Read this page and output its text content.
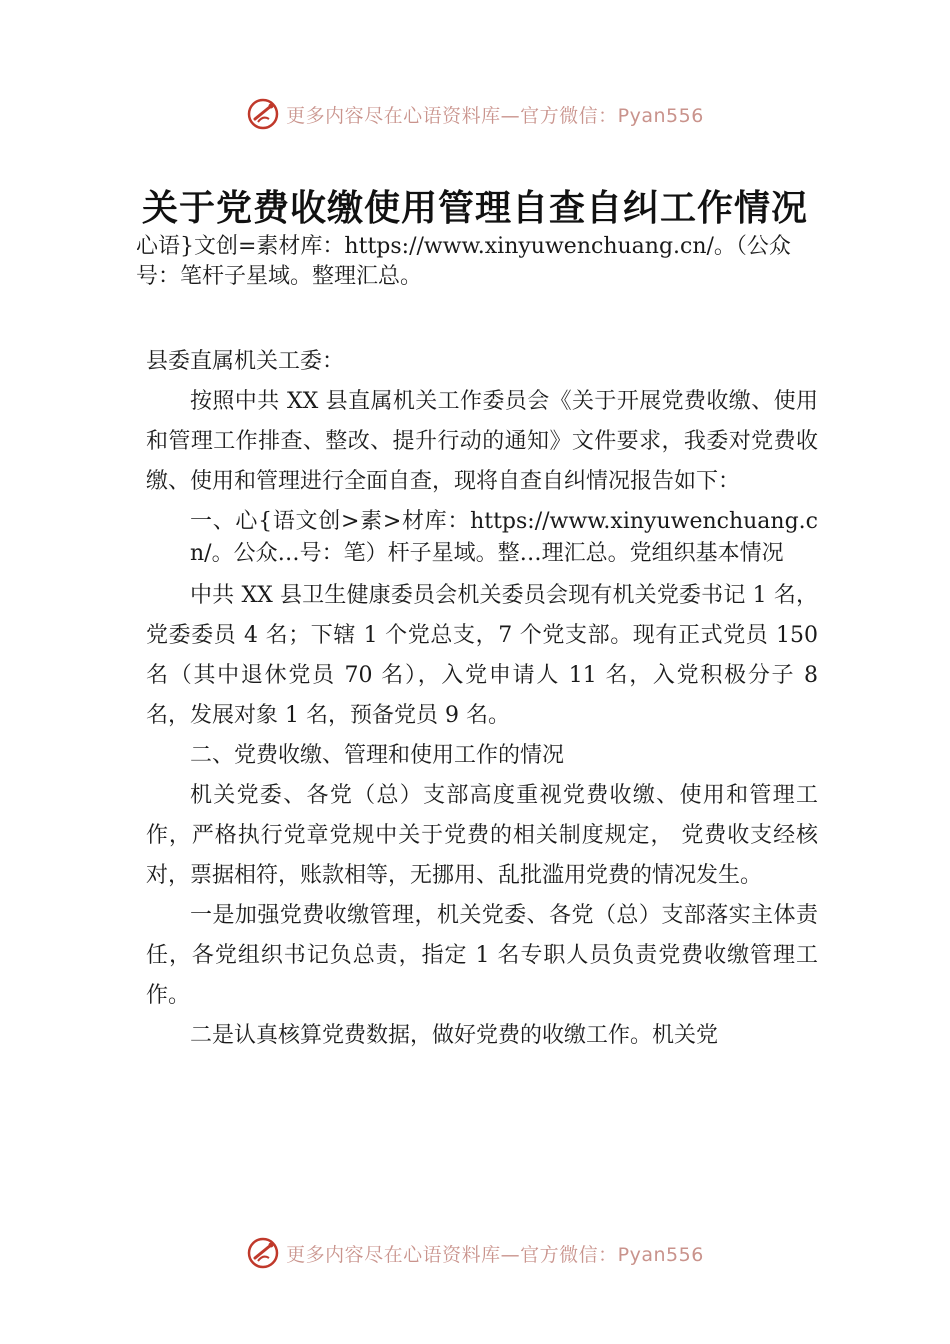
更多内容尽在心语资料库—官方微信：Pyan556
关于党费收缴使用管理自查自纠工作情况

心语}文创=素材库：https://www.xinyuwenchuang.cn/。（公众号：笔杆子星域。整理汇总。

县委直属机关工委：

按照中共 XX 县直属机关工作委员会《关于开展党费收缴、使用和管理工作排查、整改、提升行动的通知》文件要求，我委对党费收缴、使用和管理进行全面自查，现将自查自纠情况报告如下：

一、心{语文创>素>材库：https://www.xinyuwenchuang.cn/。公众…号：笔）杆子星域。整…理汇总。党组织基本情况

中共 XX 县卫生健康委员会机关委员会现有机关党委书记 1 名，党委委员 4 名；下辖 1 个党总支，7 个党支部。现有正式党员 150 名（其中退休党员 70 名），入党申请人 11 名，入党积极分子 8 名，发展对象 1 名，预备党员 9 名。

二、党费收缴、管理和使用工作的情况

机关党委、各党（总）支部高度重视党费收缴、使用和管理工作，严格执行党章党规中关于党费的相关制度规定， 党费收支经核对，票据相符，账款相等，无挪用、乱批滥用党费的情况发生。

一是加强党费收缴管理，机关党委、各党（总）支部落实主体责任，各党组织书记负总责，指定 1 名专职人员负责党费收缴管理工作。

二是认真核算党费数据，做好党费的收缴工作。机关党

更多内容尽在心语资料库—官方微信：Pyan556
